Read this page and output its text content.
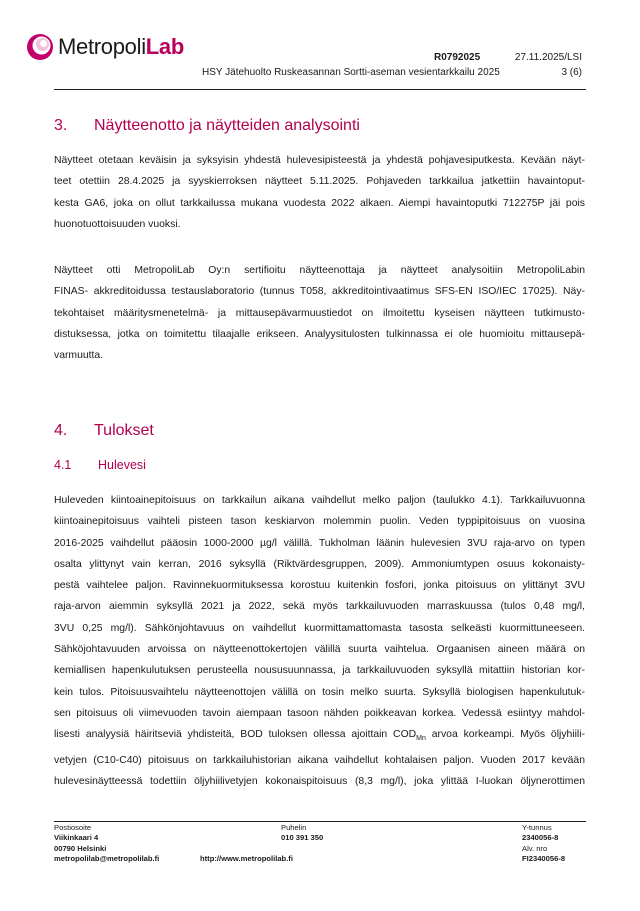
MetropoliLab	R0792025	27.11.2025/LSI
HSY Jätehuolto Ruskeasannan Sortti-aseman vesientarkkailu 2025	3 (6)
3. Näytteenotto ja näytteiden analysointi

Näytteet otetaan keväisin ja syksyisin yhdestä hulevesipisteestä ja yhdestä pohjavesiputkesta. Kevään näyt-
teet otettiin 28.4.2025 ja syyskierroksen näytteet 5.11.2025. Pohjaveden tarkkailua jatkettiin havaintoput-
kesta GA6, joka on ollut tarkkailussa mukana vuodesta 2022 alkaen. Aiempi havaintoputki 712275P jäi pois
huonotuottoisuuden vuoksi.

Näytteet otti MetropoliLab Oy:n sertifioitu näytteenottaja ja näytteet analysoitiin MetropoliLabin
FINAS- akkreditoidussa testauslaboratorio (tunnus T058, akkreditointivaatimus SFS-EN ISO/IEC 17025). Näy-
tekohtaiset määritysmenetelmä- ja mittausepävarmuustiedot on ilmoitettu kyseisen näytteen tutkimusto-
distuksessa, jotka on toimitettu tilaajalle erikseen. Analyysitulosten tulkinnassa ei ole huomioitu mittausepä-
varmuutta.

4. Tulokset
4.1 Hulevesi

Huleveden kiintoainepitoisuus on tarkkailun aikana vaihdellut melko paljon (taulukko 4.1). Tarkkailuvuonna
kiintoainepitoisuus vaihteli pisteen tason keskiarvon molemmin puolin. Veden typpipitoisuus on vuosina
2016-2025 vaihdellut pääosin 1000-2000 µg/l välillä. Tukholman läänin hulevesien 3VU raja-arvo on typen
osalta ylittynyt vain kerran, 2016 syksyllä (Riktvärdesgruppen, 2009). Ammoniumtypen osuus kokonaisty-
pestä vaihtelee paljon. Ravinnekuormituksessa korostuu kuitenkin fosfori, jonka pitoisuus on ylittänyt 3VU
raja-arvon aiemmin syksyllä 2021 ja 2022, sekä myös tarkkailuvuoden marraskuussa (tulos 0,48 mg/l,
3VU 0,25 mg/l). Sähkönjohtavuus on vaihdellut kuormittamattomasta tasosta selkeästi kuormittuneeseen.
Sähköjohtavuuden arvoissa on näytteenottokertojen välillä suurta vaihtelua. Orgaanisen aineen määrä on
kemiallisen hapenkulutuksen perusteella noususuunnassa, ja tarkkailuvuoden syksyllä mitattiin historian kor-
kein tulos. Pitoisuusvaihtelu näytteenottojen välillä on tosin melko suurta. Syksyllä biologisen hapenkulutuk-
sen pitoisuus oli viimevuoden tavoin aiempaan tasoon nähden poikkeavan korkea. Vedessä esiintyy mahdol-
lisesti analyysiä häiritseviä yhdisteitä, BOD tuloksen ollessa ajoittain $COD_{Mn}$ arvoa korkeampi. Myös öljyhiili-
vetyjen (C10-C40) pitoisuus on tarkkailuhistorian aikana vaihdellut kohtalaisen paljon. Vuoden 2017 kevään
hulevesinäytteessä todettiin öljyhiilivetyjen kokonaispitoisuus (8,3 mg/l), joka ylittää I-luokan öljynerottimen

Postiosoite
Viikinkaari 4
00790 Helsinki
metropolilab@metropolilab.fi
Puhelin
010 391 350
http://www.metropolilab.fi
Y-tunnus
2340056-8
Alv. nro
FI2340056-8
